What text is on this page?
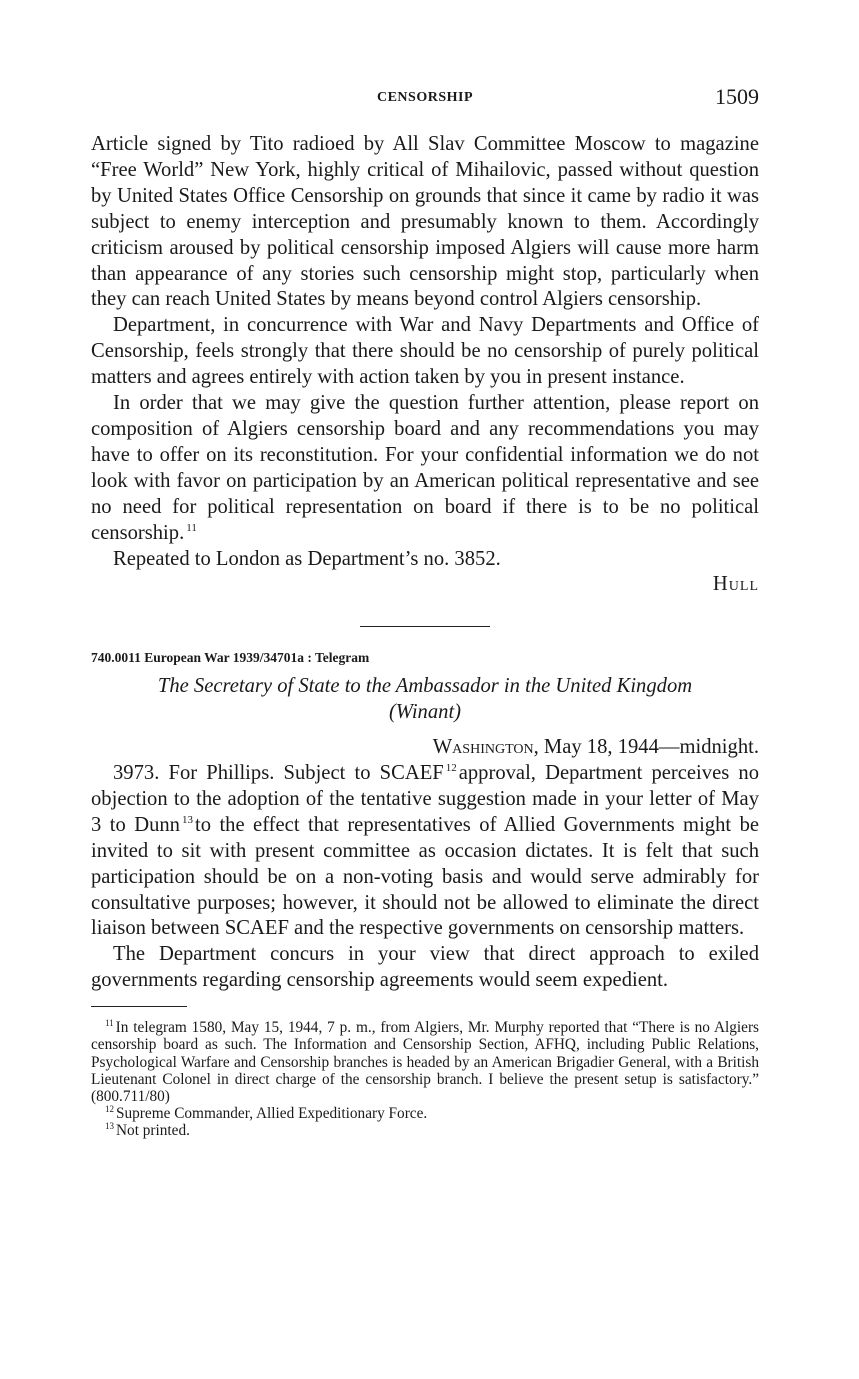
CENSORSHIP	1509

Article signed by Tito radioed by All Slav Committee Moscow to magazine “Free World” New York, highly critical of Mihailovic, passed without question by United States Office Censorship on grounds that since it came by radio it was subject to enemy interception and presumably known to them. Accordingly criticism aroused by political censorship imposed Algiers will cause more harm than appearance of any stories such censorship might stop, particularly when they can reach United States by means beyond control Algiers censorship.

Department, in concurrence with War and Navy Departments and Office of Censorship, feels strongly that there should be no censorship of purely political matters and agrees entirely with action taken by you in present instance.

In order that we may give the question further attention, please report on composition of Algiers censorship board and any recommendations you may have to offer on its reconstitution. For your confidential information we do not look with favor on participation by an American political representative and see no need for political representation on board if there is to be no political censorship. $^{11}$

Repeated to London as Department’s no. 3852.

Hull

740.0011 European War 1939/34701a : Telegram
The Secretary of State to the Ambassador in the United Kingdom
(Winant)
Washington, May 18, 1944—midnight.

3973. For Phillips. Subject to SCAEF $^{12}$approval, Department perceives no objection to the adoption of the tentative suggestion made in your letter of May 3 to Dunn $^{13}$to the effect that representatives of Allied Governments might be invited to sit with present committee as occasion dictates. It is felt that such participation should be on a non-voting basis and would serve admirably for consultative purposes; however, it should not be allowed to eliminate the direct liaison between SCAEF and the respective governments on censorship matters.

The Department concurs in your view that direct approach to exiled governments regarding censorship agreements would seem expedient.

$^{11}$ In telegram 1580, May 15, 1944, 7 p. m., from Algiers, Mr. Murphy reported that “There is no Algiers censorship board as such. The Information and Censorship Section, AFHQ, including Public Relations, Psychological Warfare and Censorship branches is headed by an American Brigadier General, with a British Lieutenant Colonel in direct charge of the censorship branch. I believe the present setup is satisfactory.” (800.711/80)

$^{12}$ Supreme Commander, Allied Expeditionary Force.

$^{13}$ Not printed.
